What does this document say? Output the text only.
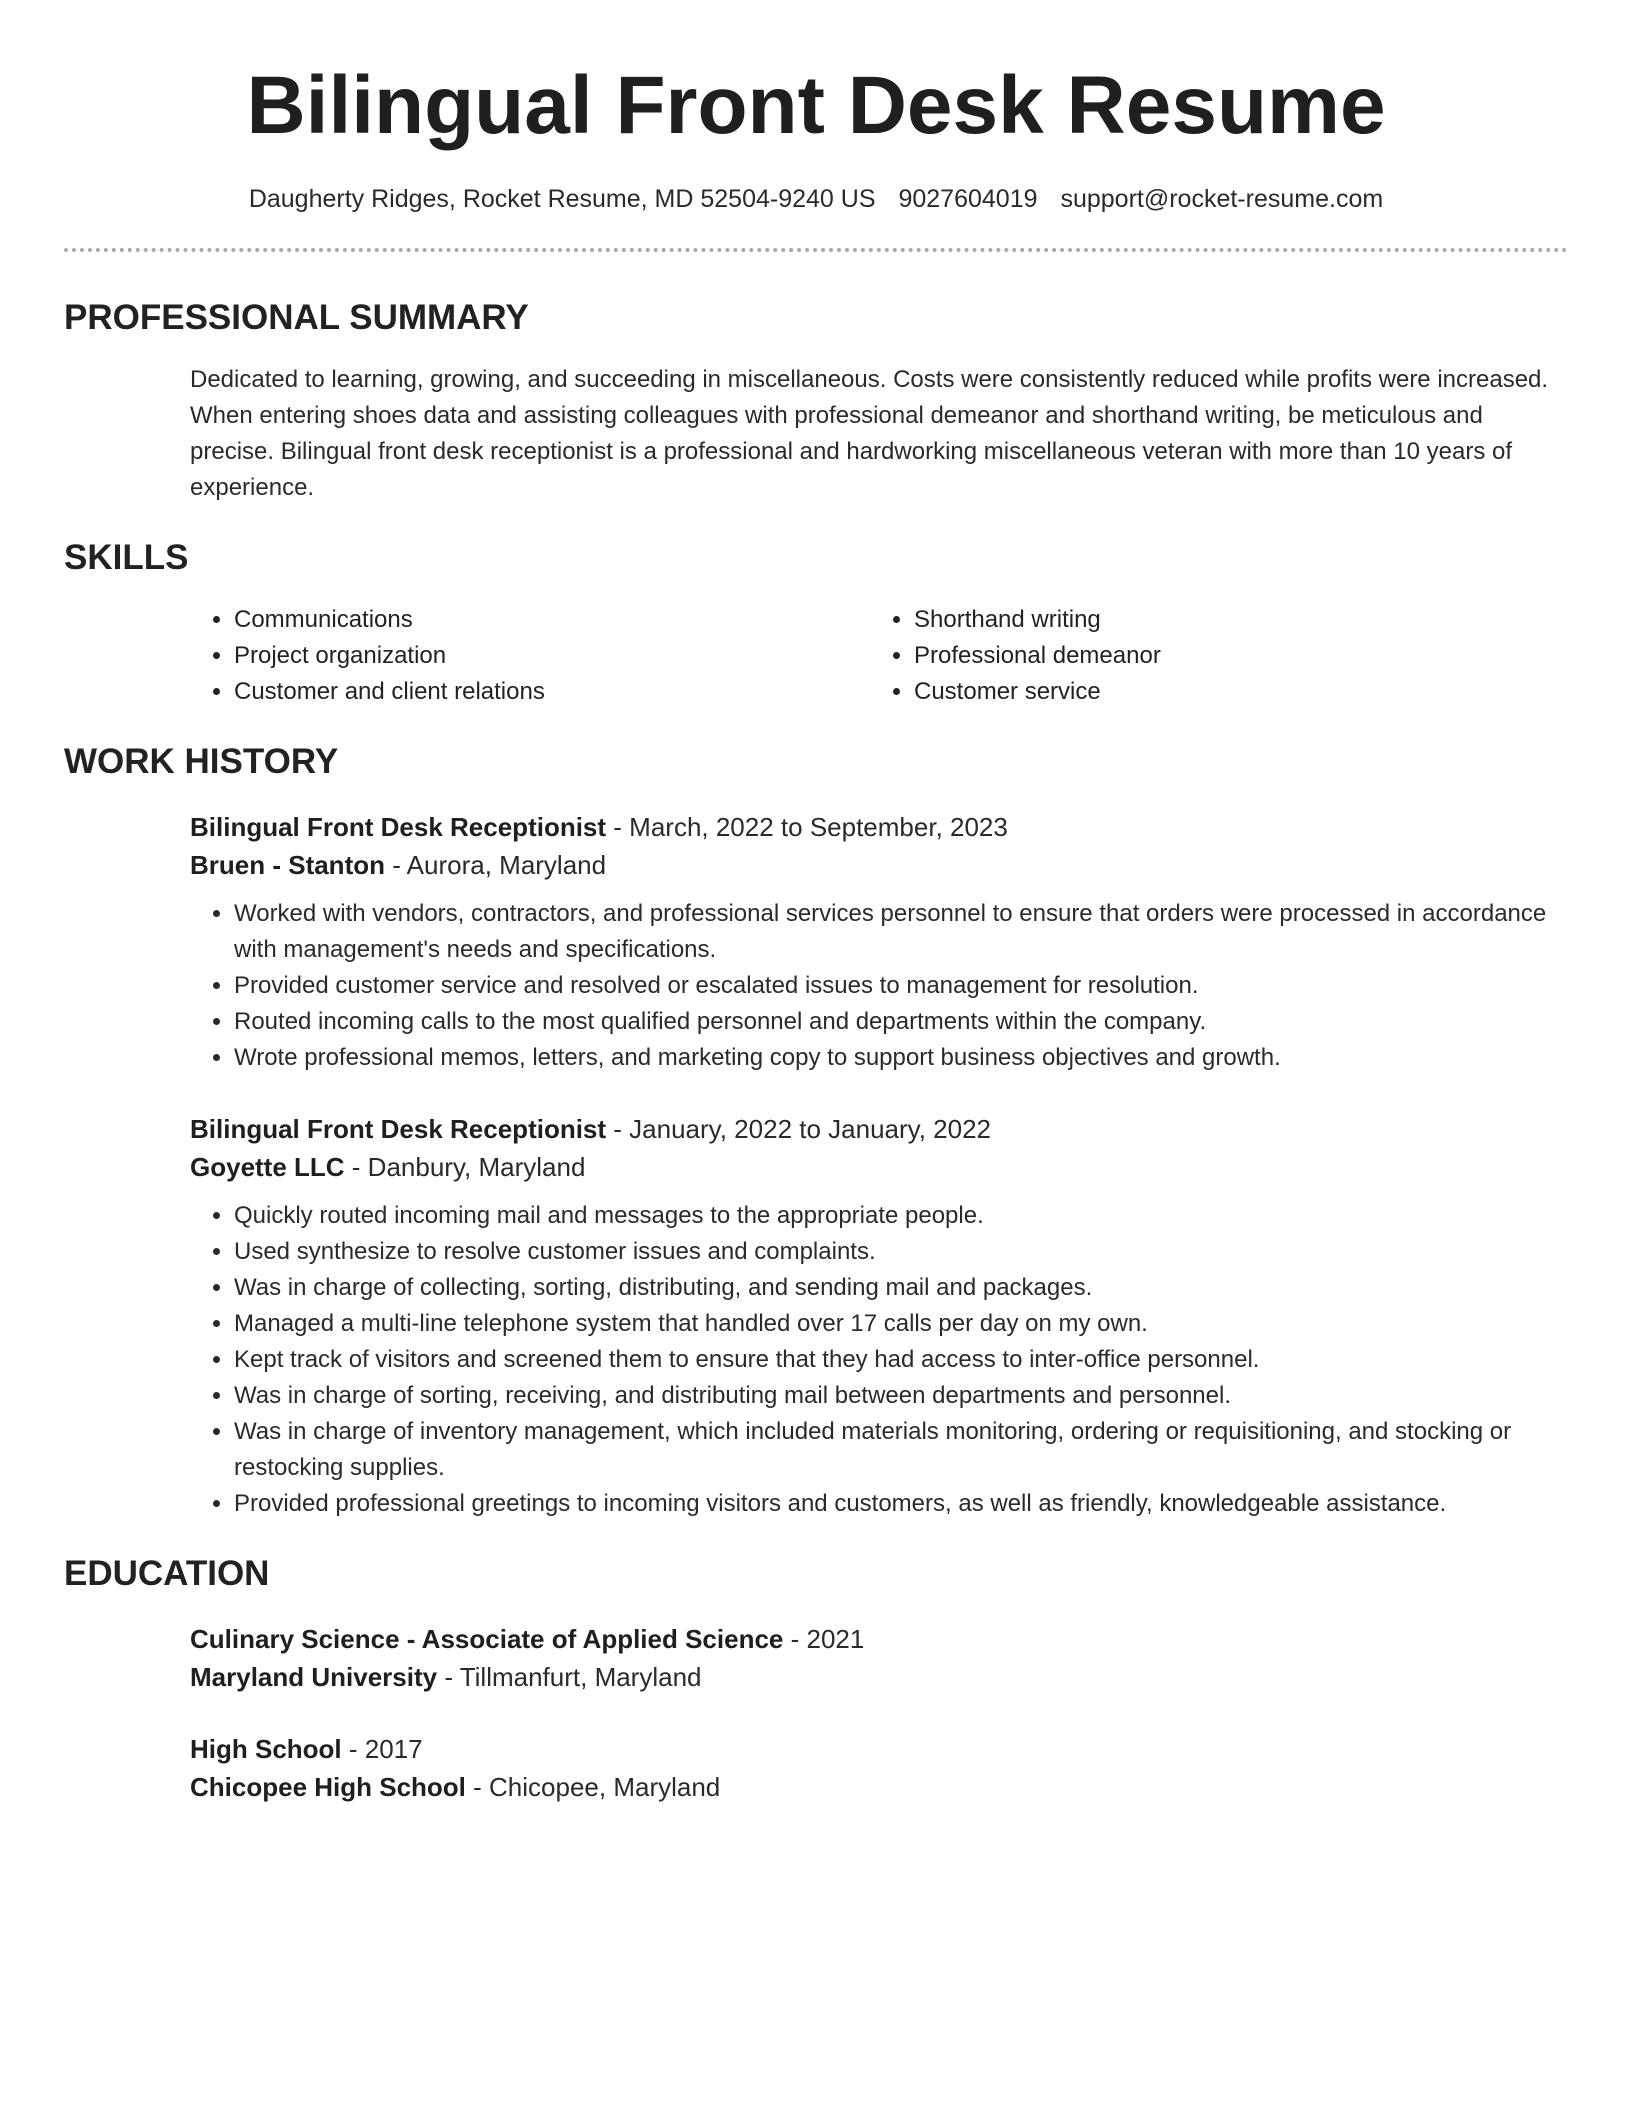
Bilingual Front Desk Resume
Daugherty Ridges, Rocket Resume, MD 52504-9240 US 9027604019 support@rocket-resume.com
PROFESSIONAL SUMMARY
Dedicated to learning, growing, and succeeding in miscellaneous. Costs were consistently reduced while profits were increased. When entering shoes data and assisting colleagues with professional demeanor and shorthand writing, be meticulous and precise. Bilingual front desk receptionist is a professional and hardworking miscellaneous veteran with more than 10 years of experience.
SKILLS
• Communications
• Project organization
• Customer and client relations
• Shorthand writing
• Professional demeanor
• Customer service
WORK HISTORY
Bilingual Front Desk Receptionist - March, 2022 to September, 2023
Bruen - Stanton - Aurora, Maryland
• Worked with vendors, contractors, and professional services personnel to ensure that orders were processed in accordance with management's needs and specifications.
• Provided customer service and resolved or escalated issues to management for resolution.
• Routed incoming calls to the most qualified personnel and departments within the company.
• Wrote professional memos, letters, and marketing copy to support business objectives and growth.
Bilingual Front Desk Receptionist - January, 2022 to January, 2022
Goyette LLC - Danbury, Maryland
• Quickly routed incoming mail and messages to the appropriate people.
• Used synthesize to resolve customer issues and complaints.
• Was in charge of collecting, sorting, distributing, and sending mail and packages.
• Managed a multi-line telephone system that handled over 17 calls per day on my own.
• Kept track of visitors and screened them to ensure that they had access to inter-office personnel.
• Was in charge of sorting, receiving, and distributing mail between departments and personnel.
• Was in charge of inventory management, which included materials monitoring, ordering or requisitioning, and stocking or restocking supplies.
• Provided professional greetings to incoming visitors and customers, as well as friendly, knowledgeable assistance.
EDUCATION
Culinary Science - Associate of Applied Science - 2021
Maryland University - Tillmanfurt, Maryland
High School - 2017
Chicopee High School - Chicopee, Maryland
